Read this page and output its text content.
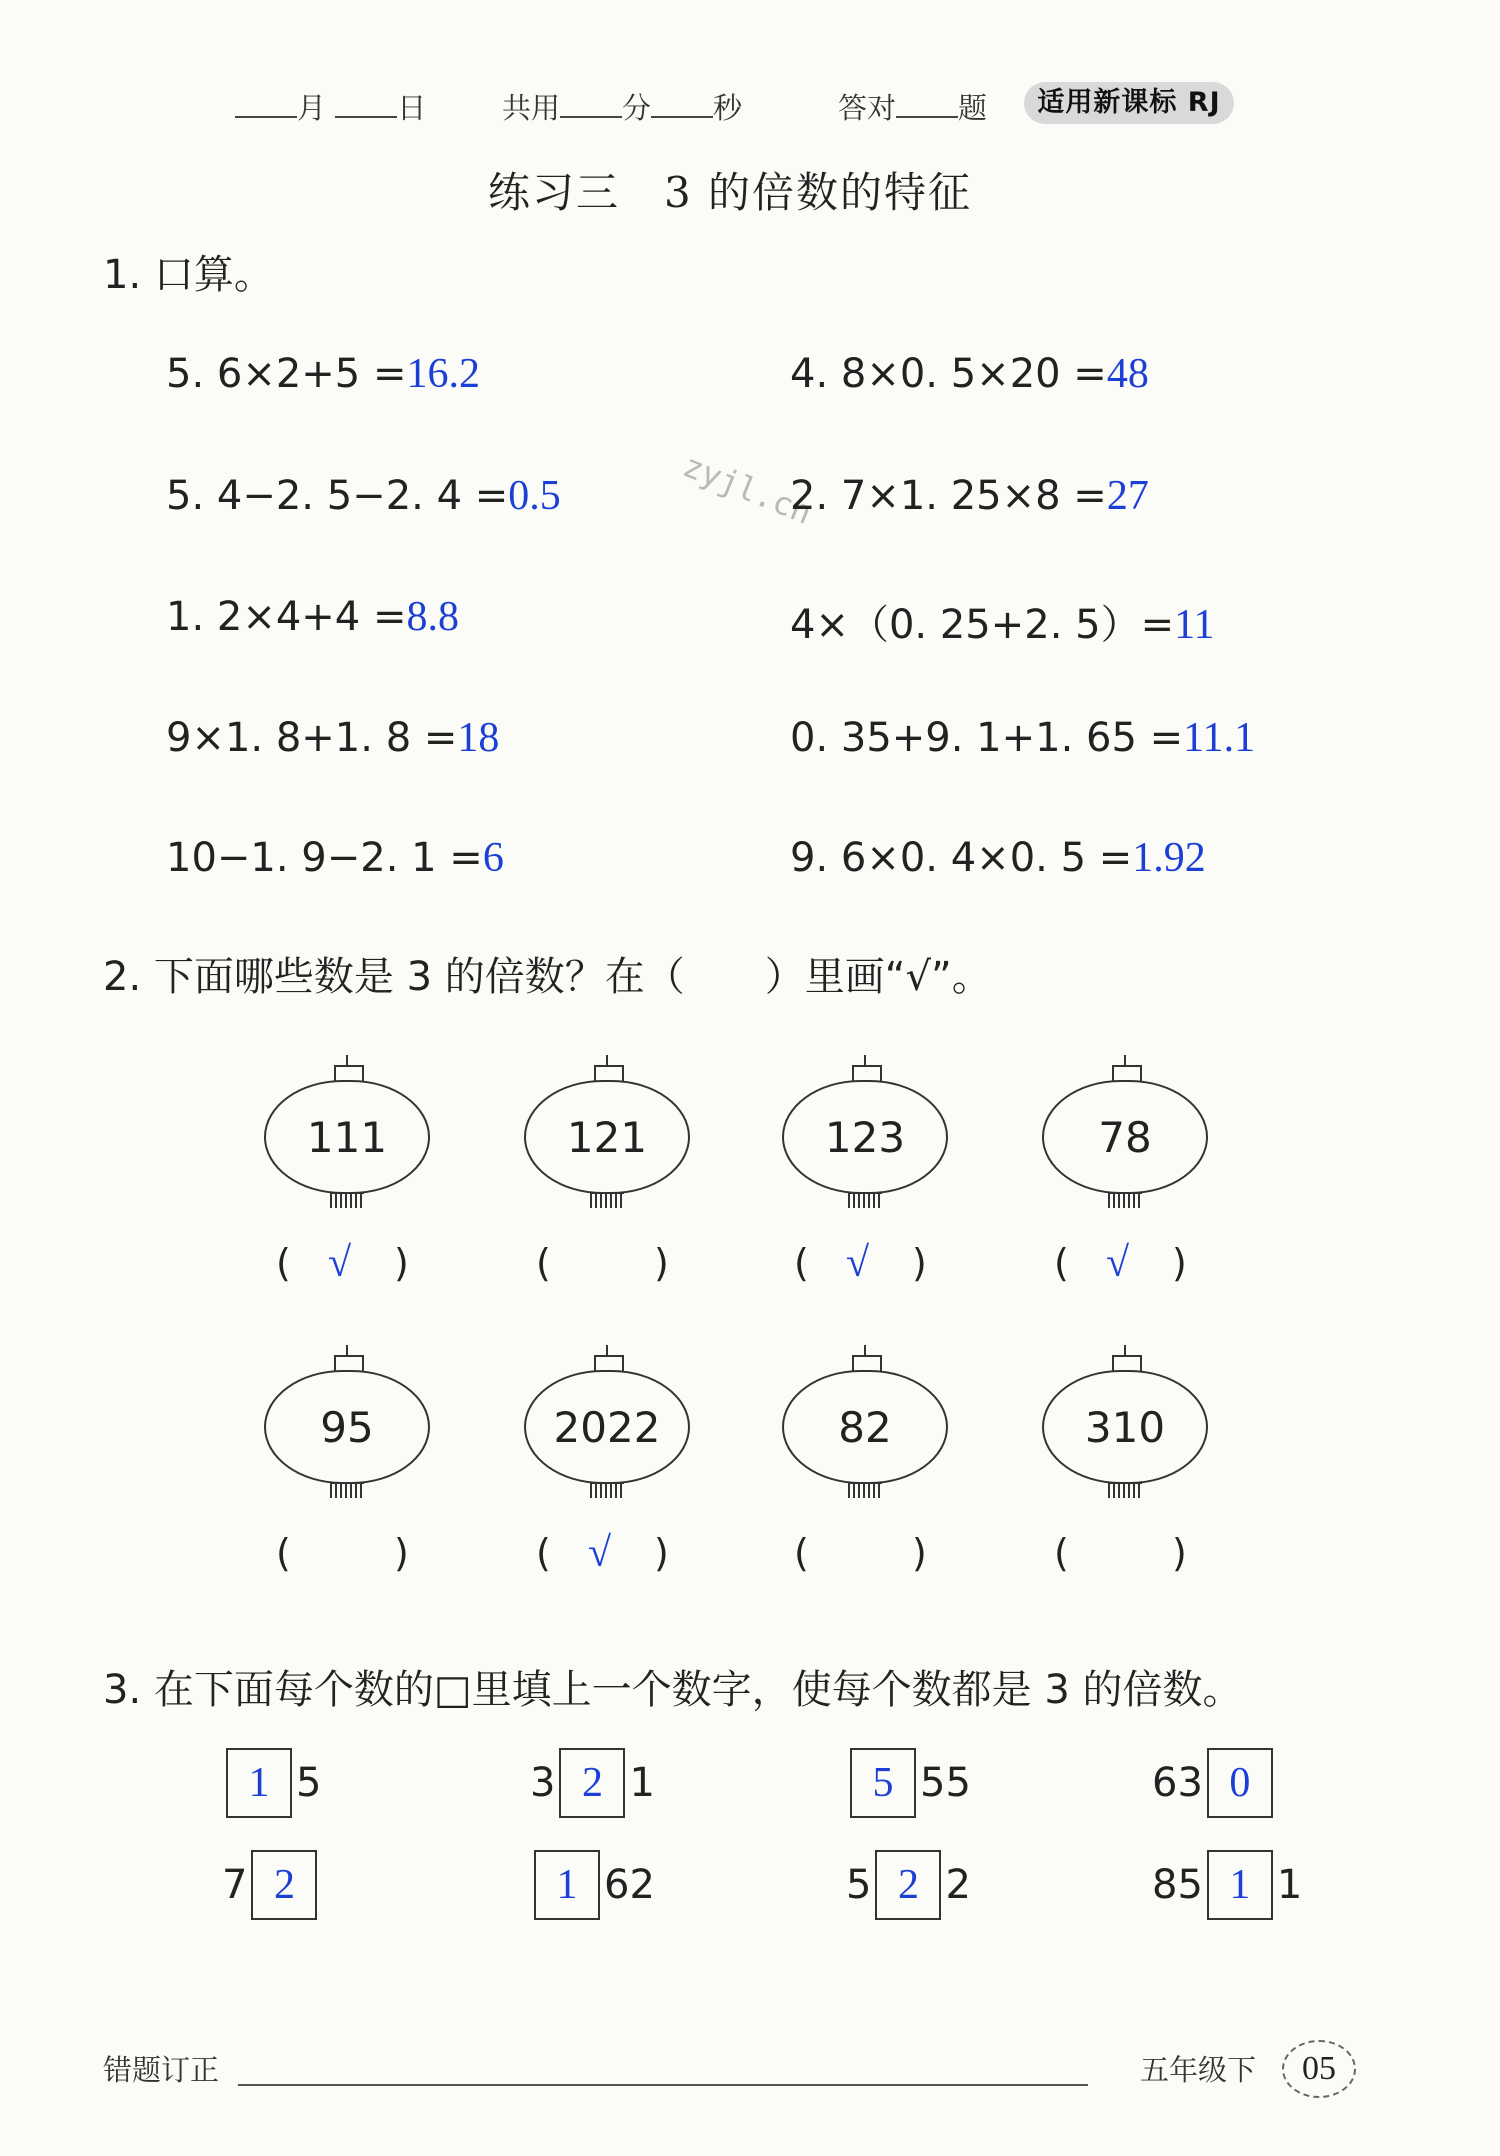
月 日	共用 分 秒	答对 题	适用新课标 RJ
练习三　3 的倍数的特征
1. 口算。
zyjl.cn
5. 6×2+5 =16.2	4. 8×0. 5×20 =48
5. 4−2. 5−2. 4 =0.5	2. 7×1. 25×8 =27
1. 2×4+4 =8.8	4×（0. 25+2. 5）=11
9×1. 8+1. 8 =18	0. 35+9. 1+1. 65 =11.1
10−1. 9−2. 1 =6	9. 6×0. 4×0. 5 =1.92
2. 下面哪些数是 3 的倍数？在（　　）里画“√”。
111
( √ )
121
(	)
123
( √ )
78
( √ )
95
(	)
2022
( √ )
82
(	)
310
(	)
3. 在下面每个数的□里填上一个数字，使每个数都是 3 的倍数。
1 5	3 2 1	5 55	63 0
7 2	1 62	5 2 2	85 1 1
错题订正	五年级下	05
